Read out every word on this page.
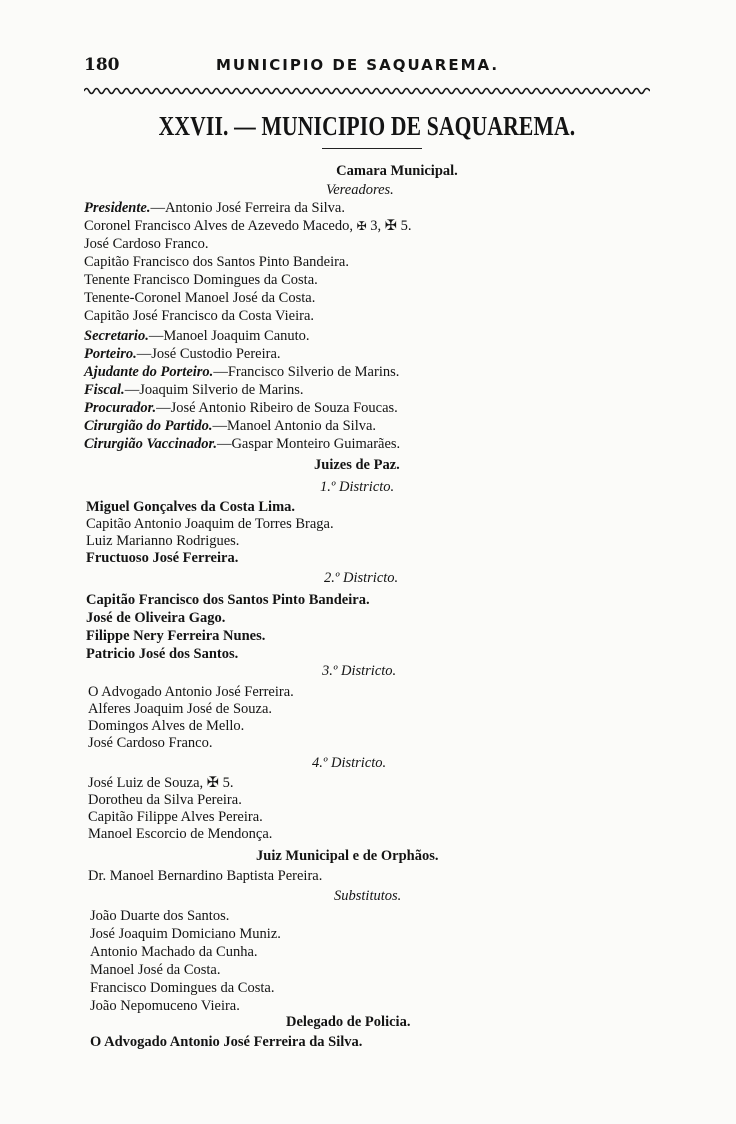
180	MUNICIPIO DE SAQUAREMA.
XXVII. — MUNICIPIO DE SAQUAREMA.
Camara Municipal.
Vereadores.
Presidente.—Antonio José Ferreira da Silva.
Coronel Francisco Alves de Azevedo Macedo, ✠ 3, ✠ 5.
José Cardoso Franco.
Capitão Francisco dos Santos Pinto Bandeira.
Tenente Francisco Domingues da Costa.
Tenente-Coronel Manoel José da Costa.
Capitão José Francisco da Costa Vieira.
Secretario.—Manoel Joaquim Canuto.
Porteiro.—José Custodio Pereira.
Ajudante do Porteiro.—Francisco Silverio de Marins.
Fiscal.—Joaquim Silverio de Marins.
Procurador.—José Antonio Ribeiro de Souza Foucas.
Cirurgião do Partido.—Manoel Antonio da Silva.
Cirurgião Vaccinador.—Gaspar Monteiro Guimarães.
Juizes de Paz.
1.º Districto.
Miguel Gonçalves da Costa Lima.
Capitão Antonio Joaquim de Torres Braga.
Luiz Marianno Rodrigues.
Fructuoso José Ferreira.
2.º Districto.
Capitão Francisco dos Santos Pinto Bandeira.
José de Oliveira Gago.
Filippe Nery Ferreira Nunes.
Patricio José dos Santos.
3.º Districto.
O Advogado Antonio José Ferreira.
Alferes Joaquim José de Souza.
Domingos Alves de Mello.
José Cardoso Franco.
4.º Districto.
José Luiz de Souza, ✠ 5.
Dorotheu da Silva Pereira.
Capitão Filippe Alves Pereira.
Manoel Escorcio de Mendonça.
Juiz Municipal e de Orphãos.
Dr. Manoel Bernardino Baptista Pereira.
Substitutos.
João Duarte dos Santos.
José Joaquim Domiciano Muniz.
Antonio Machado da Cunha.
Manoel José da Costa.
Francisco Domingues da Costa.
João Nepomuceno Vieira.
Delegado de Policia.
O Advogado Antonio José Ferreira da Silva.
